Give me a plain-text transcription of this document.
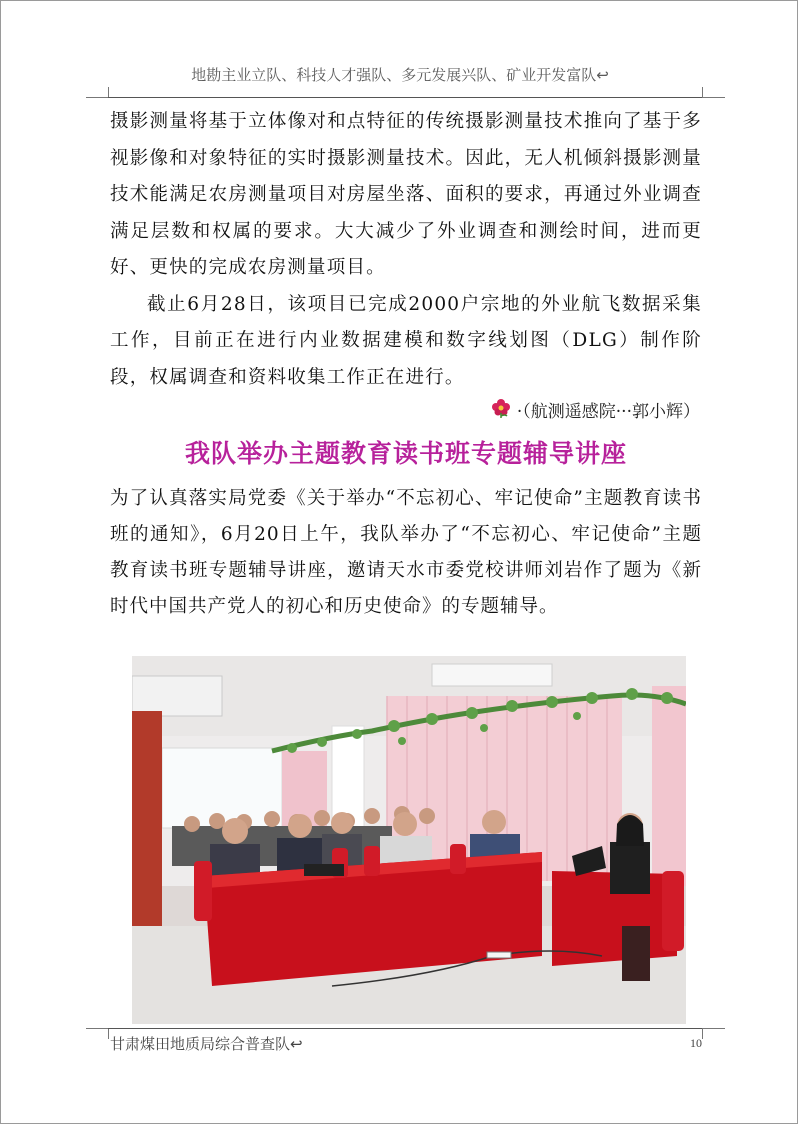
地勘主业立队、科技人才强队、多元发展兴队、矿业开发富队↩

摄影测量将基于立体像对和点特征的传统摄影测量技术推向了基于多视影像和对象特征的实时摄影测量技术。因此，无人机倾斜摄影测量技术能满足农房测量项目对房屋坐落、面积的要求，再通过外业调查满足层数和权属的要求。大大减少了外业调查和测绘时间，进而更好、更快的完成农房测量项目。

截止6月28日，该项目已完成2000户宗地的外业航飞数据采集工作，目前正在进行内业数据建模和数字线划图（DLG）制作阶段，权属调查和资料收集工作正在进行。

·（航测遥感院···郭小辉）
我队举办主题教育读书班专题辅导讲座

为了认真落实局党委《关于举办“不忘初心、牢记使命”主题教育读书班的通知》，6月20日上午，我队举办了“不忘初心、牢记使命”主题教育读书班专题辅导讲座，邀请天水市委党校讲师刘岩作了题为《新时代中国共产党人的初心和历史使命》的专题辅导。

甘肃煤田地质局综合普查队↩	10
